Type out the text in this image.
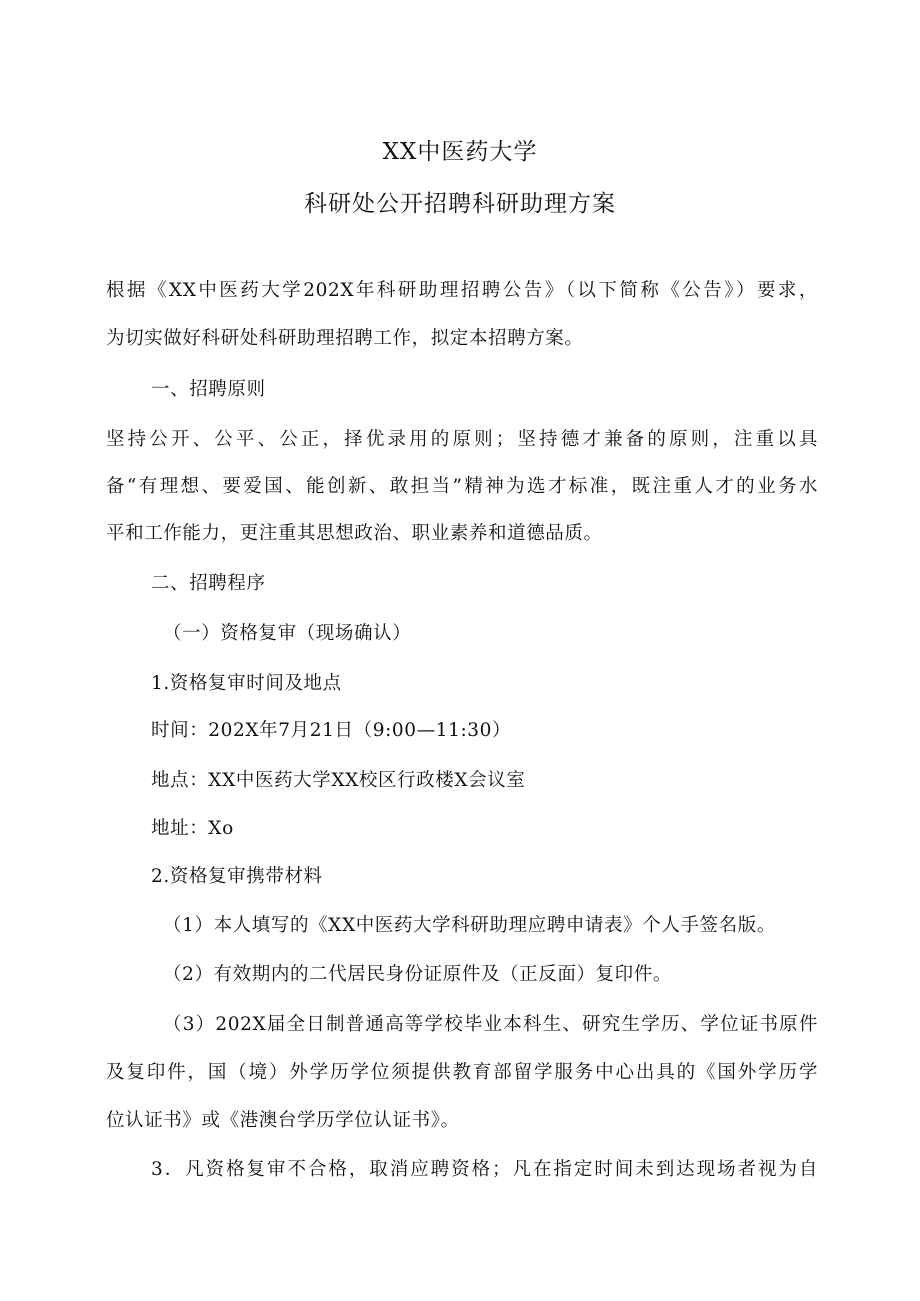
XX中医药大学
科研处公开招聘科研助理方案
根据《XX中医药大学202X年科研助理招聘公告》（以下简称《公告》）要求，
为切实做好科研处科研助理招聘工作，拟定本招聘方案。
一、招聘原则
坚持公开、公平、公正，择优录用的原则；坚持德才兼备的原则，注重以具
备“有理想、要爱国、能创新、敢担当”精神为选才标准，既注重人才的业务水
平和工作能力，更注重其思想政治、职业素养和道德品质。
二、招聘程序
（一）资格复审（现场确认）
1.资格复审时间及地点
时间：202X年7月21日（9:00—11:30）
地点：XX中医药大学XX校区行政楼X会议室
地址：Xo
2.资格复审携带材料
（1）本人填写的《XX中医药大学科研助理应聘申请表》个人手签名版。
（2）有效期内的二代居民身份证原件及（正反面）复印件。
（3）202X届全日制普通高等学校毕业本科生、研究生学历、学位证书原件
及复印件，国（境）外学历学位须提供教育部留学服务中心出具的《国外学历学
位认证书》或《港澳台学历学位认证书》。
3．凡资格复审不合格，取消应聘资格；凡在指定时间未到达现场者视为自
